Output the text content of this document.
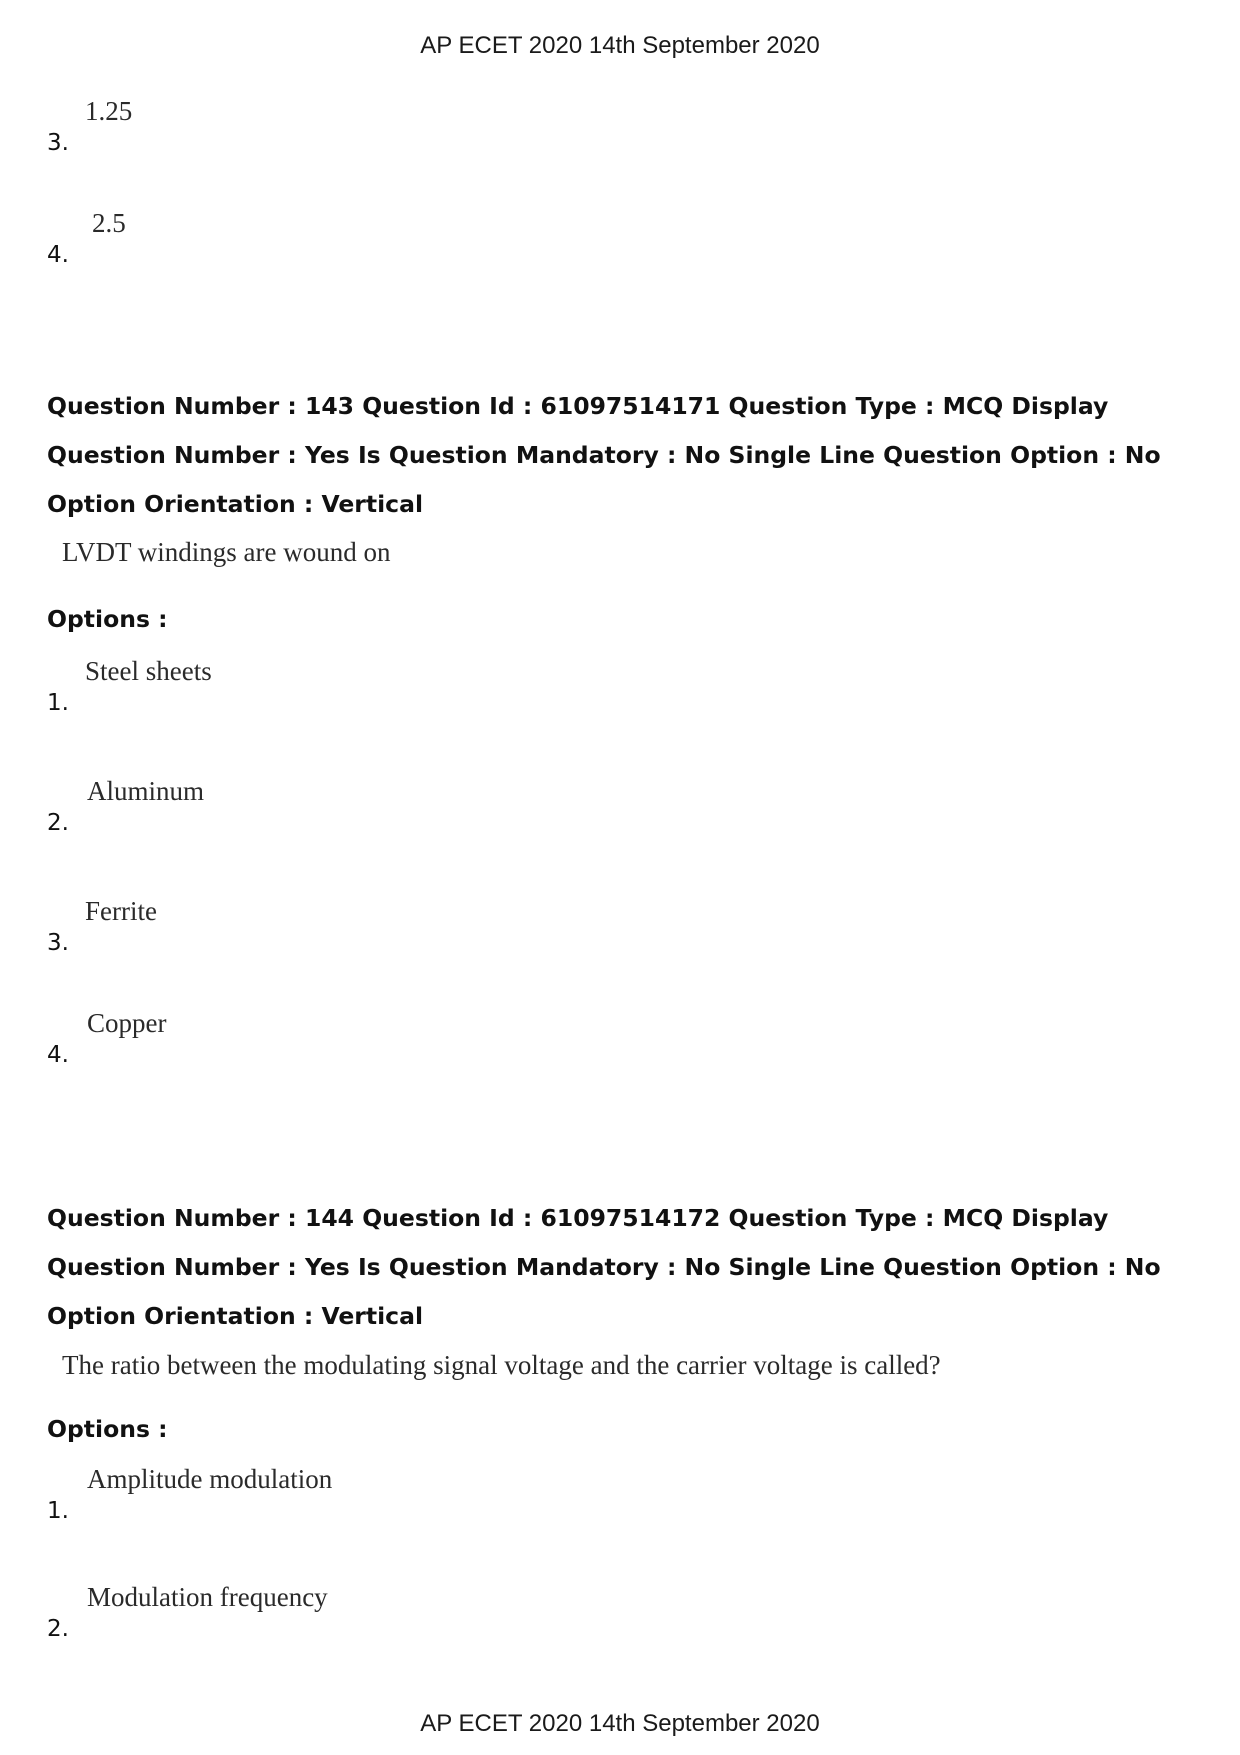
AP ECET 2020 14th September 2020
3.
1.25
4.
2.5

Question Number : 143 Question Id : 61097514171 Question Type : MCQ Display Question Number : Yes Is Question Mandatory : No Single Line Question Option : No Option Orientation : Vertical

LVDT windings are wound on
Options :
1.
Steel sheets
2.
Aluminum
3.
Ferrite
4.
Copper

Question Number : 144 Question Id : 61097514172 Question Type : MCQ Display Question Number : Yes Is Question Mandatory : No Single Line Question Option : No Option Orientation : Vertical

The ratio between the modulating signal voltage and the carrier voltage is called?
Options :
1.
Amplitude modulation
2.
Modulation frequency
AP ECET 2020 14th September 2020
